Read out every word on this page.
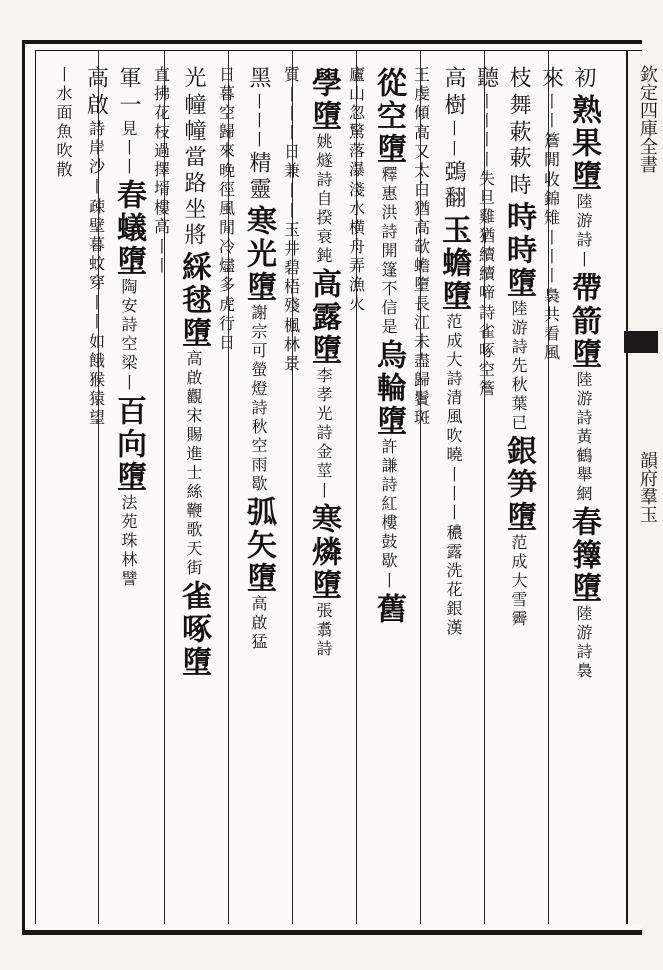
初
熟
果
墮
陸游詩
丨
帶
箭
墮
陸游詩黃鶴舉網
春
籜
墮
陸游詩裊
來
丨丨
簷閒
收錦雉
丨丨丨
裊共看風
枝
舞
蔌蔌
時
時
時
墮
陸游詩先秋葉已
銀
笋
墮
范成大雪霽
聽
丨丨丨
丨失旦雞猶續續啼
詩雀啄空簷
高
樹
丨
丨
鵶翻
玉
蟾
墮
范成大詩清風吹曉
丨丨丨
穠露洗花銀漢
王虔傾
高又太白猶高欹蟾墮長江未盡歸鬢斑
從
空
墮
釋惠洪詩開篷不信是
烏
輪
墮
許謙詩紅樓鼓歇
丨
舊
廬山忽驚落瀑
淺水横舟弄漁火
學
墮
姚燧詩自揆衰鈍
高
露
墮
李孝光詩金莖
丨
寒
燐
墮
張翥詩
質
丨丨丨日兼
丨
丨玉井碧梧殘
楓林景
黑
丨丨丨
精靈
寒
光
墮
謝宗可螢燈詩秋空雨歇
弧
矢
墮
高啟猛
日暮空歸來
晚徑風閒冷燼多
虎行日
光
幢幢當路坐將
綵
毬
墮
高啟觀宋賜進士絲鞭歌天街
雀
啄
墮
直拂花枝過擇壻樓高
丨丨
軍
一
見丨丨
春
蟻
墮
陶安詩空梁
丨
百
向
墮
法苑珠林譬
高
啟
詩岸沙
丨
疎壁暮蚊穿
丨丨
如餓猴猿望
丨水面魚吹散	欽定四庫全書
韻府羣玉
